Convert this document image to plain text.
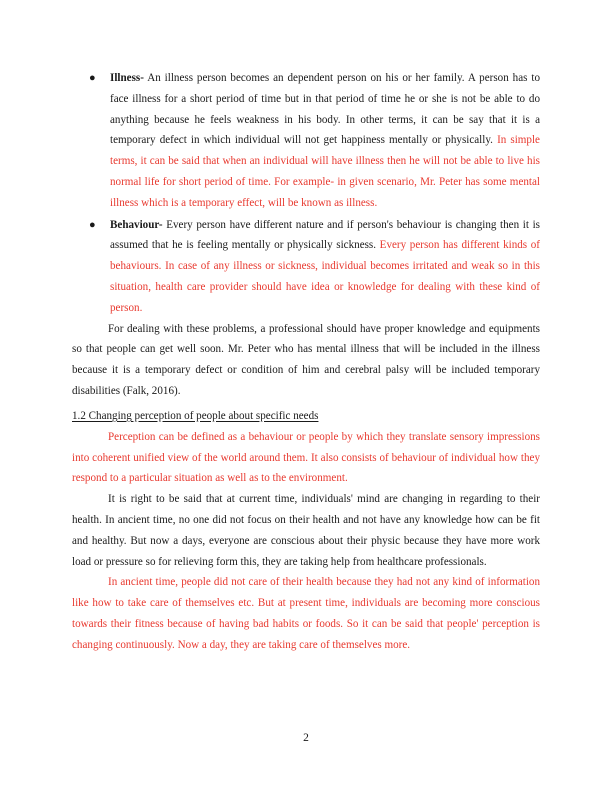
● Illness- An illness person becomes an dependent person on his or her family. A person has to face illness for a short period of time but in that period of time he or she is not be able to do anything because he feels weakness in his body. In other terms, it can be say that it is a temporary defect in which individual will not get happiness mentally or physically. In simple terms, it can be said that when an individual will have illness then he will not be able to live his normal life for short period of time. For example- in given scenario, Mr. Peter has some mental illness which is a temporary effect, will be known as illness.

● Behaviour- Every person have different nature and if person's behaviour is changing then it is assumed that he is feeling mentally or physically sickness. Every person has different kinds of behaviours. In case of any illness or sickness, individual becomes irritated and weak so in this situation, health care provider should have idea or knowledge for dealing with these kind of person.

For dealing with these problems, a professional should have proper knowledge and equipments so that people can get well soon. Mr. Peter who has mental illness that will be included in the illness because it is a temporary defect or condition of him and cerebral palsy will be included temporary disabilities (Falk, 2016).

1.2 Changing perception of people about specific needs

Perception can be defined as a behaviour or people by which they translate sensory impressions into coherent unified view of the world around them. It also consists of behaviour of individual how they respond to a particular situation as well as to the environment.

It is right to be said that at current time, individuals' mind are changing in regarding to their health. In ancient time, no one did not focus on their health and not have any knowledge how can be fit and healthy. But now a days, everyone are conscious about their physic because they have more work load or pressure so for relieving form this, they are taking help from healthcare professionals.

In ancient time, people did not care of their health because they had not any kind of information like how to take care of themselves etc. But at present time, individuals are becoming more conscious towards their fitness because of having bad habits or foods. So it can be said that people' perception is changing continuously. Now a day, they are taking care of themselves more.

2
